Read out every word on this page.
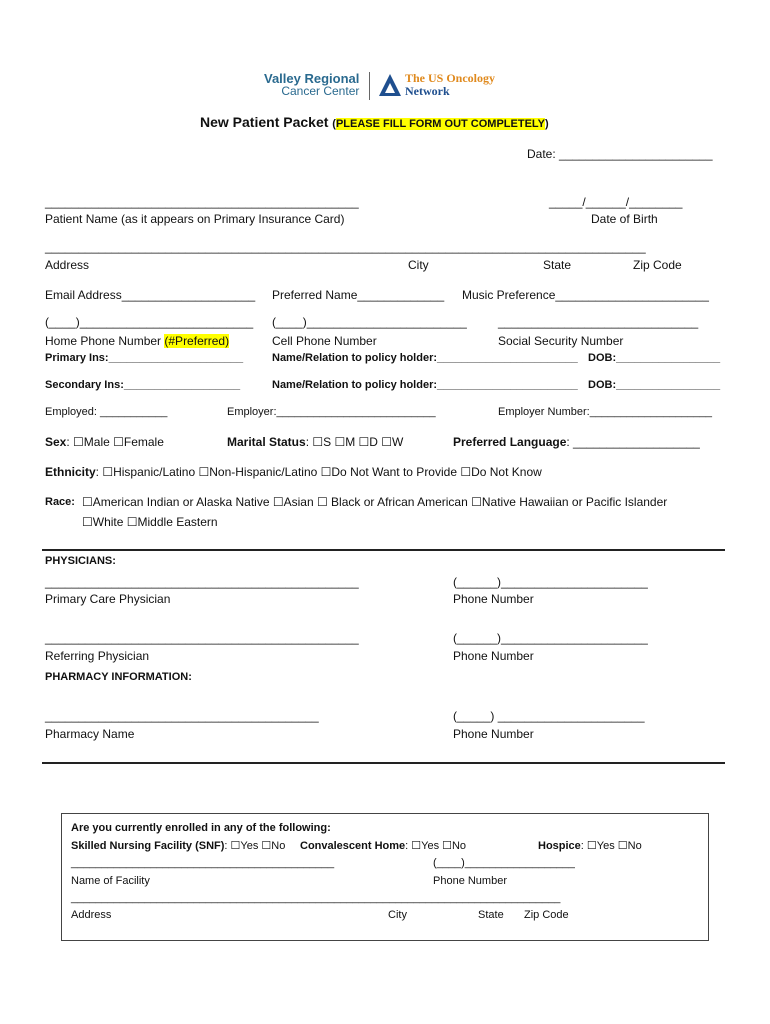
Valley Regional
Cancer Center
The US Oncology
Network
New Patient Packet (PLEASE FILL FORM OUT COMPLETELY)
Date: _______________________
_______________________________________________
Patient Name (as it appears on Primary Insurance Card)
_____/______/________
Date of Birth
__________________________________________________________________________________________
Address	City	State	Zip Code
Email Address____________________ Preferred Name_____________ Music Preference_______________________
(____)__________________________
Home Phone Number (#Preferred)
(____)________________________
Cell Phone Number
______________________________
Social Security Number
Primary Ins:______________________	Name/Relation to policy holder:_______________________ DOB:_________________
Secondary Ins:___________________	Name/Relation to policy holder:_______________________ DOB:_________________
Employed: ___________	Employer:__________________________	Employer Number:____________________
Sex: ☐Male ☐Female	Marital Status: ☐S ☐M ☐D ☐W	Preferred Language: ___________________
Ethnicity: ☐Hispanic/Latino ☐Non-Hispanic/Latino ☐Do Not Want to Provide ☐Do Not Know
Race: ☐American Indian or Alaska Native ☐Asian ☐ Black or African American ☐Native Hawaiian or Pacific Islander
☐White ☐Middle Eastern
PHYSICIANS:
_______________________________________________
Primary Care Physician
(______)______________________
Phone Number
_______________________________________________
Referring Physician
(______)______________________
Phone Number
PHARMACY INFORMATION:
_________________________________________
Pharmacy Name
(_____) ______________________
Phone Number
Are you currently enrolled in any of the following:
Skilled Nursing Facility (SNF): ☐Yes ☐No Convalescent Home: ☐Yes ☐No	Hospice: ☐Yes ☐No
___________________________________________	(____)__________________
Name of Facility	Phone Number
________________________________________________________________________________
Address	City	State Zip Code
